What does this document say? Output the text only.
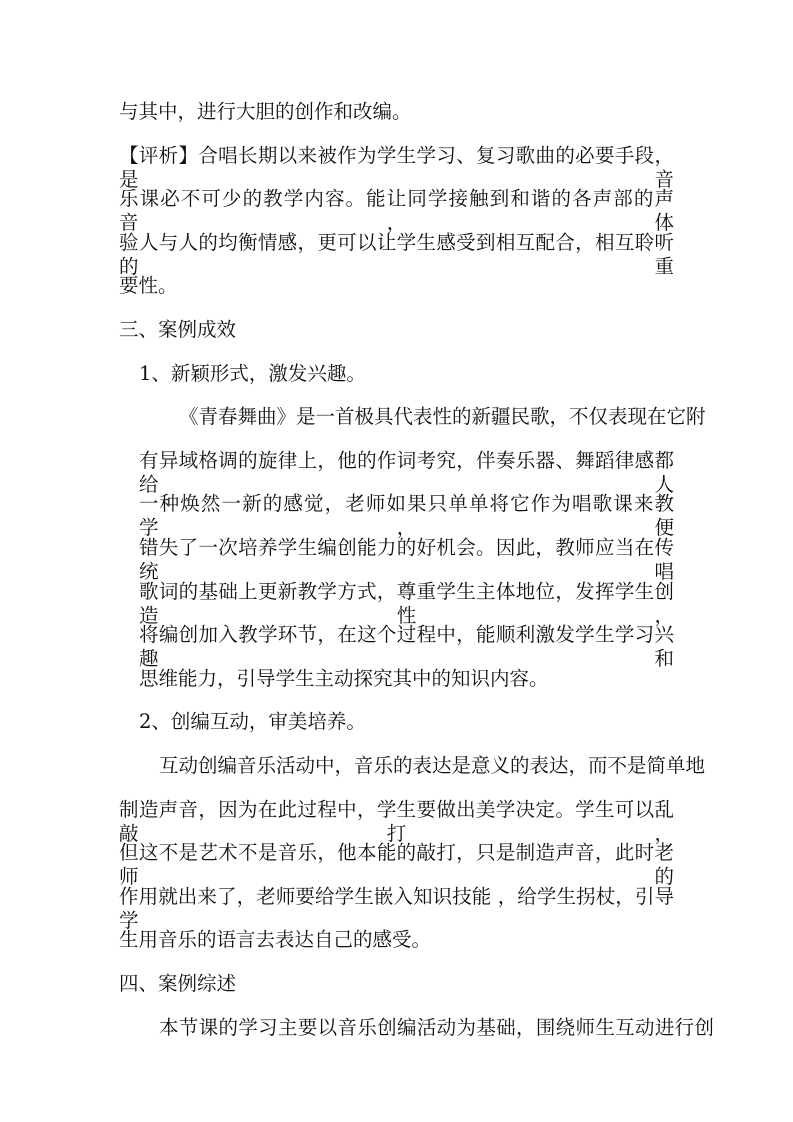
与其中，进行大胆的创作和改编。
【评析】合唱长期以来被作为学生学习、复习歌曲的必要手段，是音
乐课必不可少的教学内容。能让同学接触到和谐的各声部的声音，体
验人与人的均衡情感，更可以让学生感受到相互配合，相互聆听的重
要性。
三、案例成效
1、新颖形式，激发兴趣。
《青春舞曲》是一首极具代表性的新疆民歌，不仅表现在它附
有异域格调的旋律上，他的作词考究，伴奏乐器、舞蹈律感都给人
一种焕然一新的感觉，老师如果只单单将它作为唱歌课来教学，便
错失了一次培养学生编创能力的好机会。因此，教师应当在传统唱
歌词的基础上更新教学方式，尊重学生主体地位，发挥学生创造性，
将编创加入教学环节，在这个过程中，能顺利激发学生学习兴趣和
思维能力，引导学生主动探究其中的知识内容。
2、创编互动，审美培养。
互动创编音乐活动中，音乐的表达是意义的表达，而不是简单地
制造声音，因为在此过程中，学生要做出美学决定。学生可以乱敲打，
但这不是艺术不是音乐，他本能的敲打，只是制造声音，此时老师的
作用就出来了，老师要给学生嵌入知识技能 ，给学生拐杖，引导学
生用音乐的语言去表达自己的感受。
四、案例综述
本节课的学习主要以音乐创编活动为基础，围绕师生互动进行创
